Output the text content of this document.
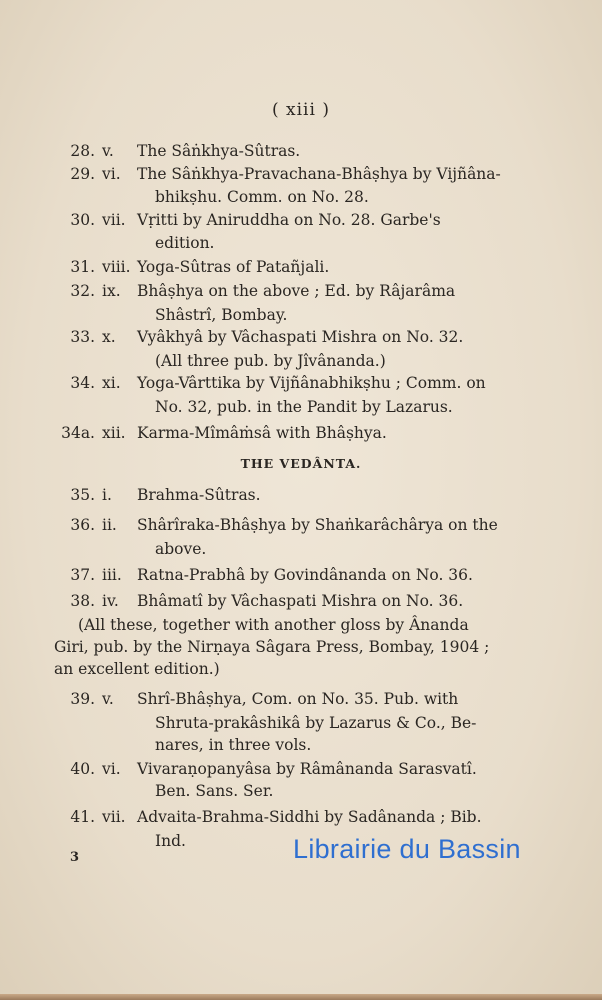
( xiii )
28. v.	The Sâṅkhya-Sûtras.
29. vi.	The Sâṅkhya-Pravachana-Bhâṣhya by Vijñâna-
bhikṣhu. Comm. on No. 28.
30. vii. Vṛitti by Aniruddha on No. 28. Garbe's
edition.
31. viii. Yoga-Sûtras of Patañjali.
32. ix.	Bhâṣhya on the above ; Ed. by Râjarâma
Shâstrî, Bombay.
33. x.	Vyâkhyâ by Vâchaspati Mishra on No. 32.
(All three pub. by Jîvânanda.)
34. xi.	Yoga-Vârttika by Vijñânabhikṣhu ; Comm. on
No. 32, pub. in the Pandit by Lazarus.
34a. xii. Karma-Mîmâṁsâ with Bhâṣhya.
35. i.	Brahma-Sûtras.
36. ii.	Shârîraka-Bhâṣhya by Shaṅkarâchârya on the
above.
37. iii. Ratna-Prabhâ by Govindânanda on No. 36.
38. iv.	Bhâmatî by Vâchaspati Mishra on No. 36.
39. v.	Shrî-Bhâṣhya, Com. on No. 35. Pub. with
Shruta-prakâshikâ by Lazarus & Co., Be-
nares, in three vols.
40. vi.	Vivaraṇopanyâsa by Râmânanda Sarasvatî.
Ben. Sans. Ser.
41. vii. Advaita-Brahma-Siddhi by Sadânanda ; Bib.
Ind.
THE VEDÂNTA.
(All these, together with another gloss by Ânanda
Giri, pub. by the Nirṇaya Sâgara Press, Bombay, 1904 ;
an excellent edition.)
3	Librairie du Bassin
